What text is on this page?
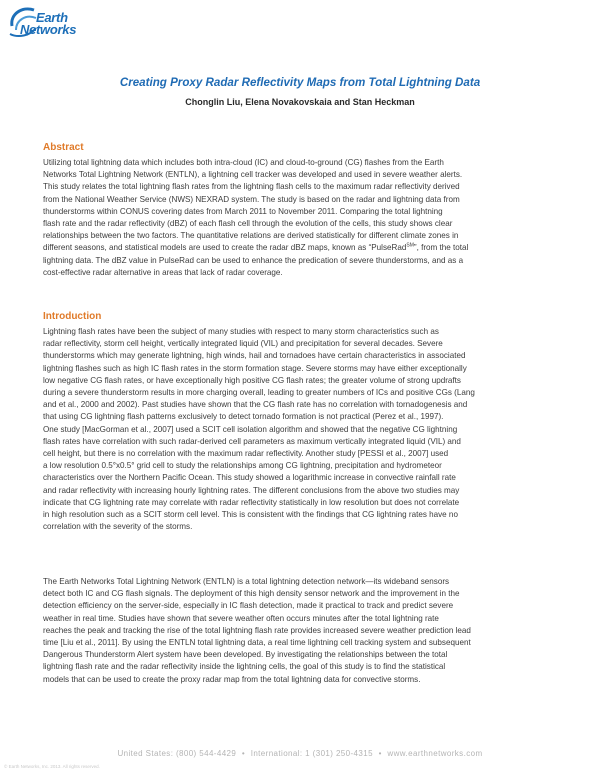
Earth
Networks
Creating Proxy Radar Reflectivity Maps from Total Lightning Data
Chonglin Liu, Elena Novakovskaia and Stan Heckman
Abstract
Utilizing total lightning data which includes both intra-cloud (IC) and cloud-to-ground (CG) flashes from the Earth
Networks Total Lightning Network (ENTLN), a lightning cell tracker was developed and used in severe weather alerts.
This study relates the total lightning flash rates from the lightning flash cells to the maximum radar reflectivity derived
from the National Weather Service (NWS) NEXRAD system. The study is based on the radar and lightning data from
thunderstorms within CONUS covering dates from March 2011 to November 2011. Comparing the total lightning
flash rate and the radar reflectivity (dBZ) of each flash cell through the evolution of the cells, this study shows clear
relationships between the two factors. The quantitative relations are derived statistically for different climate zones in
different seasons, and statistical models are used to create the radar dBZ maps, known as “PulseRad℠”, from the total
lightning data. The dBZ value in PulseRad can be used to enhance the predication of severe thunderstorms, and as a
cost-effective radar alternative in areas that lack of radar coverage.
Introduction
Lightning flash rates have been the subject of many studies with respect to many storm characteristics such as
radar reflectivity, storm cell height, vertically integrated liquid (VIL) and precipitation for several decades. Severe
thunderstorms which may generate lightning, high winds, hail and tornadoes have certain characteristics in associated
lightning flashes such as high IC flash rates in the storm formation stage. Severe storms may have either exceptionally
low negative CG flash rates, or have exceptionally high positive CG flash rates; the greater volume of strong updrafts
during a severe thunderstorm results in more charging overall, leading to greater numbers of ICs and positive CGs (Lang
and et al., 2000 and 2002). Past studies have shown that the CG flash rate has no correlation with tornadogenesis and
that using CG lightning flash patterns exclusively to detect tornado formation is not practical (Perez et al., 1997).
One study [MacGorman et al., 2007] used a SCIT cell isolation algorithm and showed that the negative CG lightning
flash rates have correlation with such radar-derived cell parameters as maximum vertically integrated liquid (VIL) and
cell height, but there is no correlation with the maximum radar reflectivity. Another study [PESSI et al., 2007] used
a low resolution 0.5°x0.5° grid cell to study the relationships among CG lightning, precipitation and hydrometeor
characteristics over the Northern Pacific Ocean. This study showed a logarithmic increase in convective rainfall rate
and radar reflectivity with increasing hourly lightning rates. The different conclusions from the above two studies may
indicate that CG lightning rate may correlate with radar reflectivity statistically in low resolution but does not correlate
in high resolution such as a SCIT storm cell level. This is consistent with the findings that CG lightning rates have no
correlation with the severity of the storms.
The Earth Networks Total Lightning Network (ENTLN) is a total lightning detection network—its wideband sensors
detect both IC and CG flash signals. The deployment of this high density sensor network and the improvement in the
detection efficiency on the server-side, especially in IC flash detection, made it practical to track and predict severe
weather in real time. Studies have shown that severe weather often occurs minutes after the total lightning rate
reaches the peak and tracking the rise of the total lightning flash rate provides increased severe weather prediction lead
time [Liu et al., 2011]. By using the ENTLN total lightning data, a real time lightning cell tracking system and subsequent
Dangerous Thunderstorm Alert system have been developed. By investigating the relationships between the total
lightning flash rate and the radar reflectivity inside the lightning cells, the goal of this study is to find the statistical
models that can be used to create the proxy radar map from the total lightning data for convective storms.
United States: (800) 544-4429 • International: 1 (301) 250-4315 • www.earthnetworks.com
© Earth Networks, Inc. 2013. All rights reserved.
